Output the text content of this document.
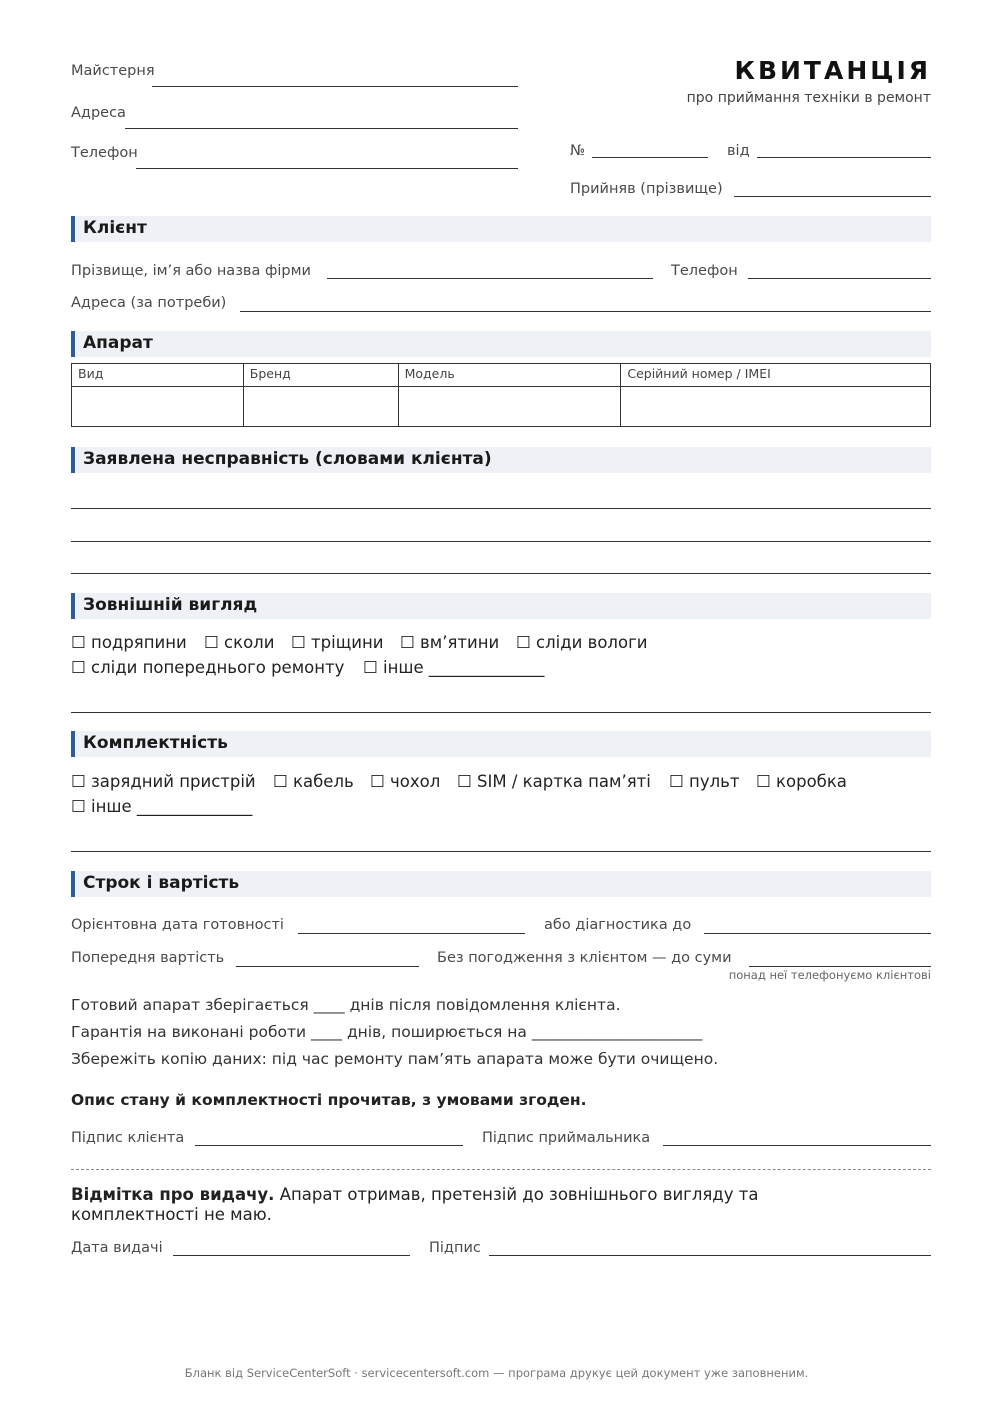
Майстерня
Адреса
Телефон
КВИТАНЦІЯ
про приймання техніки в ремонт
№	від
Прийняв (прізвище)
Клієнт
Прізвище, ім’я або назва фірми	Телефон
Адреса (за потреби)
Апарат
Вид	Бренд	Модель	Серійний номер / IMEI

Заявлена несправність (словами клієнта)
Зовнішній вигляд
☐ подряпини ☐ сколи ☐ тріщини ☐ вм’ятини ☐ сліди вологи
☐ сліди попереднього ремонту ☐ інше ______________
Комплектність
☐ зарядний пристрій ☐ кабель ☐ чохол ☐ SIM / картка пам’яті ☐ пульт ☐ коробка
☐ інше ______________
Строк і вартість
Орієнтовна дата готовності	або діагностика до
Попередня вартість	Без погодження з клієнтом — до суми
понад неї телефонуємо клієнтові
Готовий апарат зберігається ____ днів після повідомлення клієнта.
Гарантія на виконані роботи ____ днів, поширюється на ______________________
Збережіть копію даних: під час ремонту пам’ять апарата може бути очищено.
Опис стану й комплектності прочитав, з умовами згоден.
Підпис клієнта	Підпис приймальника
Відмітка про видачу. Апарат отримав, претензій до зовнішнього вигляду та
комплектності не маю.
Дата видачі	Підпис
Бланк від ServiceCenterSoft · servicecentersoft.com — програма друкує цей документ уже заповненим.
